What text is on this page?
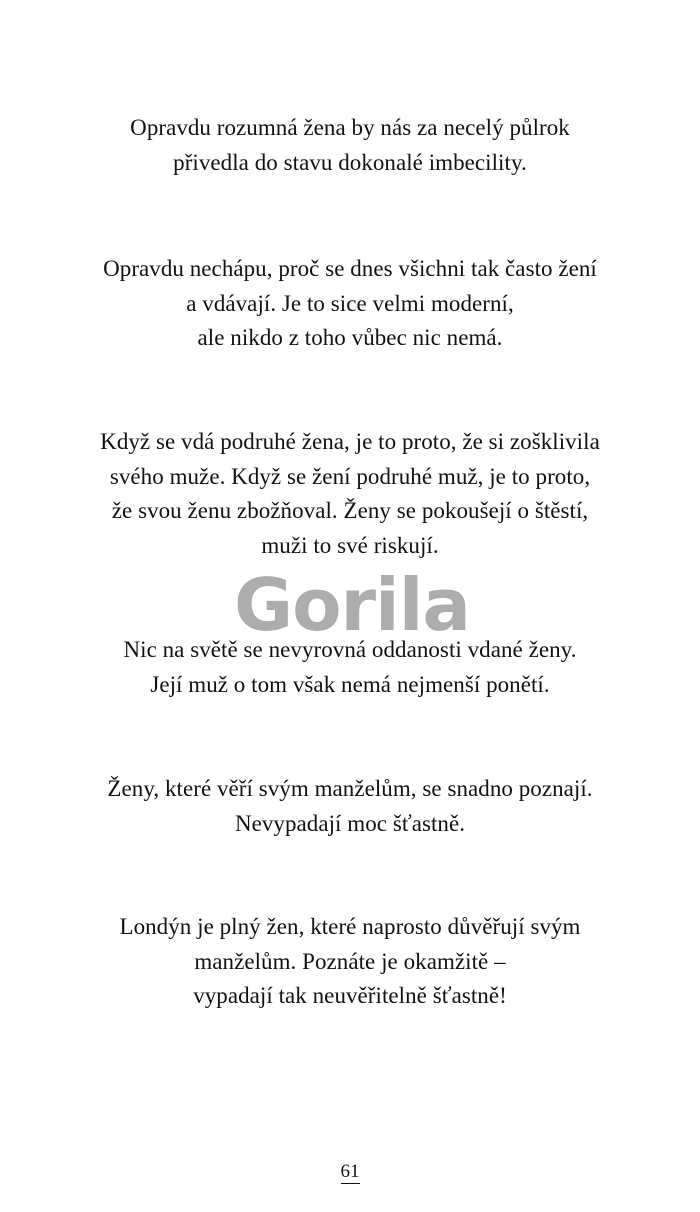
Opravdu rozumná žena by nás za necelý půlrok
přivedla do stavu dokonalé imbecility.
Opravdu nechápu, proč se dnes všichni tak často žení
a vdávají. Je to sice velmi moderní,
ale nikdo z toho vůbec nic nemá.
Když se vdá podruhé žena, je to proto, že si zošklivila
svého muže. Když se žení podruhé muž, je to proto,
že svou ženu zbožňoval. Ženy se pokoušejí o štěstí,
muži to své riskují.
Nic na světě se nevyrovná oddanosti vdané ženy.
Její muž o tom však nemá nejmenší ponětí.
Ženy, které věří svým manželům, se snadno poznají.
Nevypadají moc šťastně.
Londýn je plný žen, které naprosto důvěřují svým
manželům. Poznáte je okamžitě –
vypadají tak neuvěřitelně šťastně!
Gorila
61
